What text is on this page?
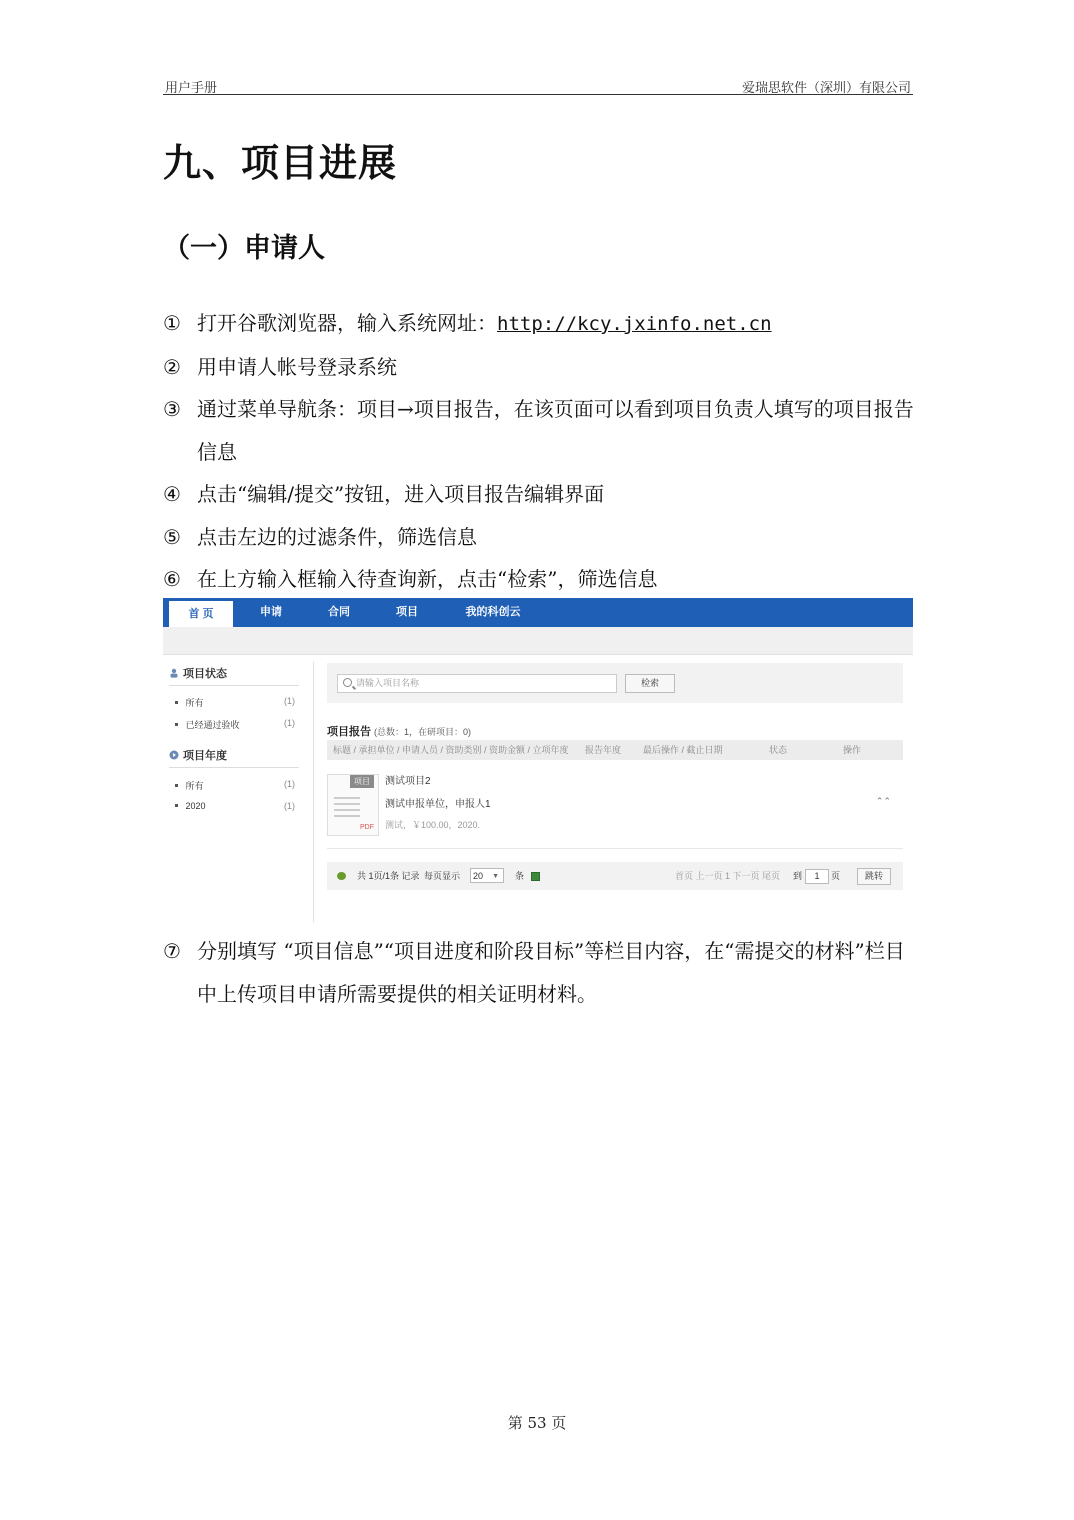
用户手册	爱瑞思软件（深圳）有限公司
九、项目进展
（一）申请人
① 打开谷歌浏览器，输入系统网址：http://kcy.jxinfo.net.cn
② 用申请人帐号登录系统
③ 通过菜单导航条：项目→项目报告，在该页面可以看到项目负责人填写的项目报告信息
④ 点击“编辑/提交”按钮，进入项目报告编辑界面
⑤ 点击左边的过滤条件，筛选信息
⑥ 在上方输入框输入待查询新，点击“检索”，筛选信息
首 页	申请	合同	项目	我的科创云
项目状态
所有	(1)
已经通过验收	(1)
项目年度
所有	(1)
2020	(1)
请输入项目名称	检索
项目报告 (总数：1，在研项目：0)
标题 / 承担单位 / 申请人员 / 资助类别 / 资助金额 / 立项年度 报告年度 最后操作 / 截止日期	状态	操作
项目
PDF
测试项目2
测试申报单位，申报人1
测试，￥100.00，2020.
⌃⌃
共 1页/1条 记录 每页显示 20 ▼ 条	首页 上一页 1 下一页 尾页 到	1	页	跳转
⑦ 分别填写 “项目信息”“项目进度和阶段目标”等栏目内容，在“需提交的材料”栏目中上传项目申请所需要提供的相关证明材料。
第 53 页
